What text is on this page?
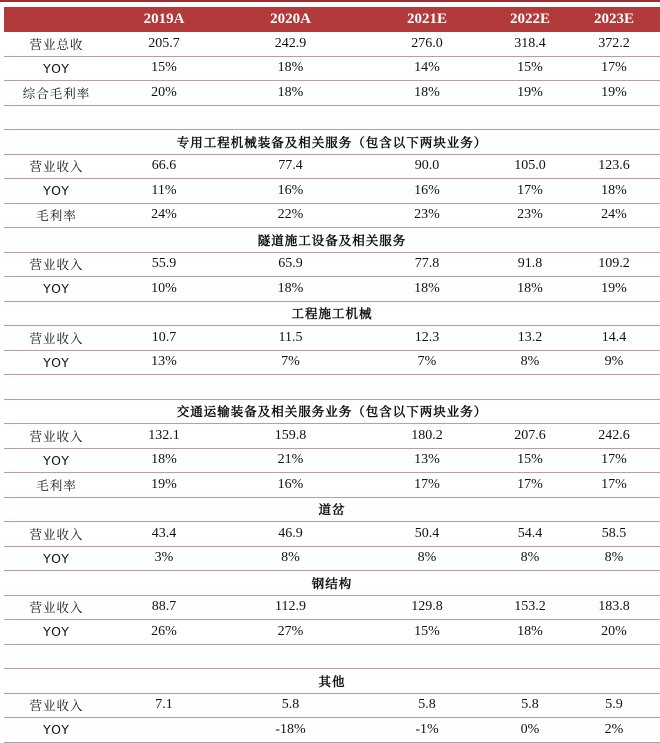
	2019A	2020A	2021E	2022E	2023E
营业总收	205.7	242.9	276.0	318.4	372.2
YOY	15%	18%	14%	15%	17%
综合毛利率	20%	18%	18%	19%	19%

专用工程机械装备及相关服务（包含以下两块业务）					
营业收入	66.6	77.4	90.0	105.0	123.6
YOY	11%	16%	16%	17%	18%
毛利率	24%	22%	23%	23%	24%
隧道施工设备及相关服务					
营业收入	55.9	65.9	77.8	91.8	109.2
YOY	10%	18%	18%	18%	19%
工程施工机械					
营业收入	10.7	11.5	12.3	13.2	14.4
YOY	13%	7%	7%	8%	9%

交通运输装备及相关服务业务（包含以下两块业务）					
营业收入	132.1	159.8	180.2	207.6	242.6
YOY	18%	21%	13%	15%	17%
毛利率	19%	16%	17%	17%	17%
道岔					
营业收入	43.4	46.9	50.4	54.4	58.5
YOY	3%	8%	8%	8%	8%
钢结构					
营业收入	88.7	112.9	129.8	153.2	183.8
YOY	26%	27%	15%	18%	20%

其他					
营业收入	7.1	5.8	5.8	5.8	5.9
YOY		-18%	-1%	0%	2%
